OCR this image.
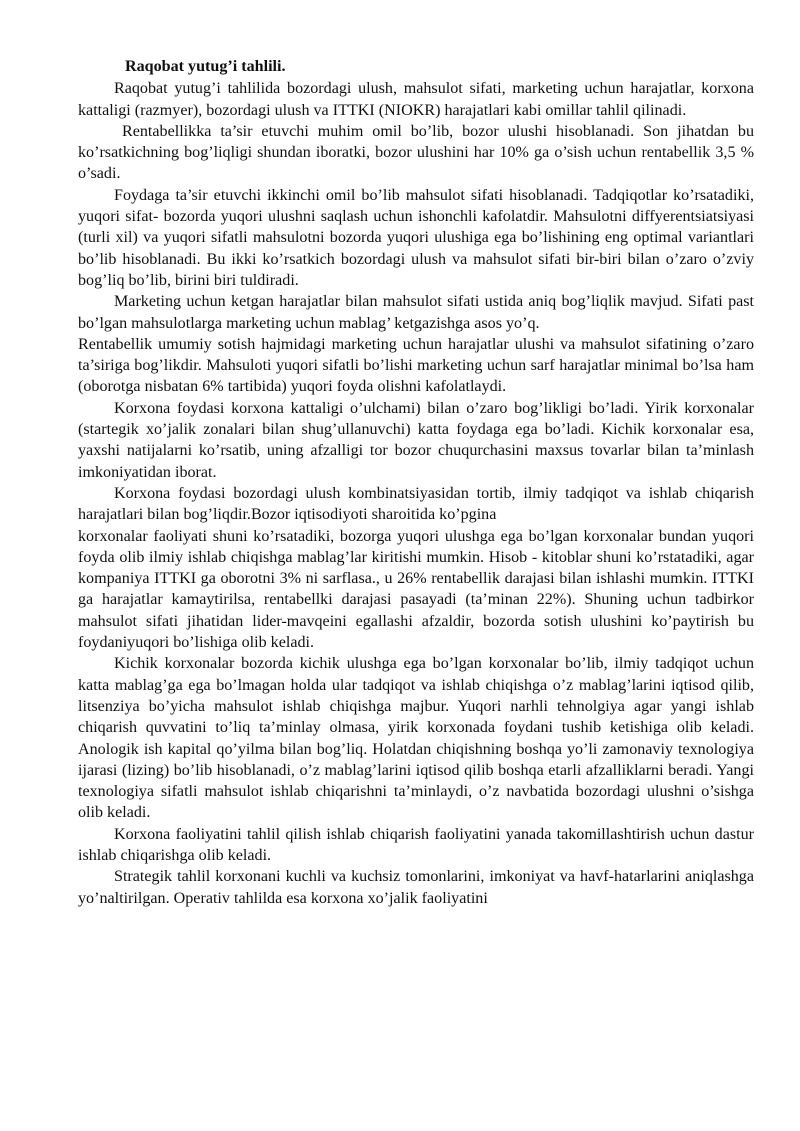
Raqobat yutug’i tahlili.

Raqobat yutug’i tahlilida bozordagi ulush, mahsulot sifati, marketing uchun harajatlar, korxona kattaligi (razmyer), bozordagi ulush va ITTKI (NIOKR) harajatlari kabi omillar tahlil qilinadi.

Rentabellikka ta’sir etuvchi muhim omil bo’lib, bozor ulushi hisoblanadi. Son jihatdan bu ko’rsatkichning bog’liqligi shundan iboratki, bozor ulushini har 10% ga o’sish uchun rentabellik 3,5 % o’sadi.

Foydaga ta’sir etuvchi ikkinchi omil bo’lib mahsulot sifati hisoblanadi. Tadqiqotlar ko’rsatadiki, yuqori sifat- bozorda yuqori ulushni saqlash uchun ishonchli kafolatdir. Mahsulotni diffyerentsiatsiyasi (turli xil) va yuqori sifatli mahsulotni bozorda yuqori ulushiga ega bo’lishining eng optimal variantlari bo’lib hisoblanadi. Bu ikki ko’rsatkich bozordagi ulush va mahsulot sifati bir-biri bilan o’zaro o’zviy bog’liq bo’lib, birini biri tuldiradi.

Marketing uchun ketgan harajatlar bilan mahsulot sifati ustida aniq bog’liqlik mavjud. Sifati past bo’lgan mahsulotlarga marketing uchun mablag’ ketgazishga asos yo’q.

Rentabellik umumiy sotish hajmidagi marketing uchun harajatlar ulushi va mahsulot sifatining o’zaro ta’siriga bog’likdir. Mahsuloti yuqori sifatli bo’lishi marketing uchun sarf harajatlar minimal bo’lsa ham (oborotga nisbatan 6% tartibida) yuqori foyda olishni kafolatlaydi.

Korxona foydasi korxona kattaligi o’ulchami) bilan o’zaro bog’likligi bo’ladi. Yirik korxonalar (startegik xo’jalik zonalari bilan shug’ullanuvchi) katta foydaga ega bo’ladi. Kichik korxonalar esa, yaxshi natijalarni ko’rsatib, uning afzalligi tor bozor chuqurchasini maxsus tovarlar bilan ta’minlash imkoniyatidan iborat.

Korxona foydasi bozordagi ulush kombinatsiyasidan tortib, ilmiy tadqiqot va ishlab chiqarish harajatlari bilan bog’liqdir.Bozor iqtisodiyoti sharoitida ko’pgina

korxonalar faoliyati shuni ko’rsatadiki, bozorga yuqori ulushga ega bo’lgan korxonalar bundan yuqori foyda olib ilmiy ishlab chiqishga mablag’lar kiritishi mumkin. Hisob - kitoblar shuni ko’rstatadiki, agar kompaniya ITTKI ga oborotni 3% ni sarflasa., u 26% rentabellik darajasi bilan ishlashi mumkin. ITTKI ga harajatlar kamaytirilsa, rentabellki darajasi pasayadi (ta’minan 22%). Shuning uchun tadbirkor mahsulot sifati jihatidan lider-mavqeini egallashi afzaldir, bozorda sotish ulushini ko’paytirish bu foydaniyuqori bo’lishiga olib keladi.

Kichik korxonalar bozorda kichik ulushga ega bo’lgan korxonalar bo’lib, ilmiy tadqiqot uchun katta mablag’ga ega bo’lmagan holda ular tadqiqot va ishlab chiqishga o’z mablag’larini iqtisod qilib, litsenziya bo’yicha mahsulot ishlab chiqishga majbur. Yuqori narhli tehnolgiya agar yangi ishlab chiqarish quvvatini to’liq ta’minlay olmasa, yirik korxonada foydani tushib ketishiga olib keladi. Anologik ish kapital qo’yilma bilan bog’liq. Holatdan chiqishning boshqa yo’li zamonaviy texnologiya ijarasi (lizing) bo’lib hisoblanadi, o’z mablag’larini iqtisod qilib boshqa etarli afzalliklarni beradi. Yangi texnologiya sifatli mahsulot ishlab chiqarishni ta’minlaydi, o’z navbatida bozordagi ulushni o’sishga olib keladi.

Korxona faoliyatini tahlil qilish ishlab chiqarish faoliyatini yanada takomillashtirish uchun dastur ishlab chiqarishga olib keladi.

Strategik tahlil korxonani kuchli va kuchsiz tomonlarini, imkoniyat va havf-hatarlarini aniqlashga yo’naltirilgan. Operativ tahlilda esa korxona xo’jalik faoliyatini
